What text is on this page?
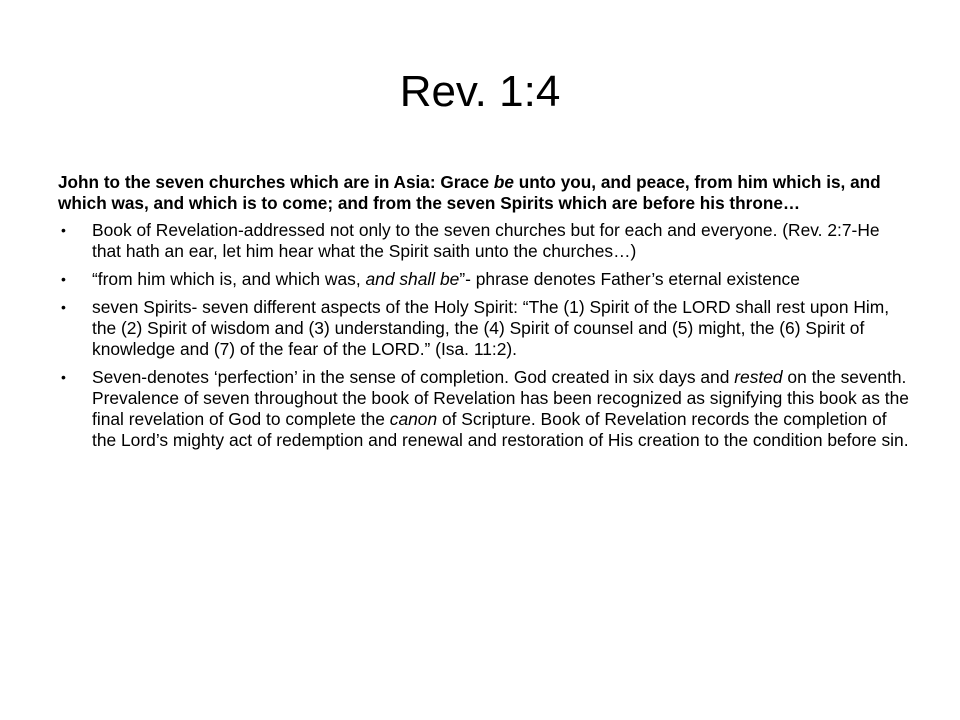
Rev. 1:4

John to the seven churches which are in Asia: Grace be unto you, and peace, from him which is, and which was, and which is to come; and from the seven Spirits which are before his throne…

• Book of Revelation-addressed not only to the seven churches but for each and everyone. (Rev. 2:7-He that hath an ear, let him hear what the Spirit saith unto the churches…)
• “from him which is, and which was, and shall be”- phrase denotes Father’s eternal existence
• seven Spirits- seven different aspects of the Holy Spirit: “The (1) Spirit of the LORD shall rest upon Him, the (2) Spirit of wisdom and (3) understanding, the (4) Spirit of counsel and (5) might, the (6) Spirit of knowledge and (7) of the fear of the LORD.” (Isa. 11:2).
• Seven-denotes ‘perfection’ in the sense of completion. God created in six days and rested on the seventh. Prevalence of seven throughout the book of Revelation has been recognized as signifying this book as the final revelation of God to complete the canon of Scripture. Book of Revelation records the completion of the Lord’s mighty act of redemption and renewal and restoration of His creation to the condition before sin.
